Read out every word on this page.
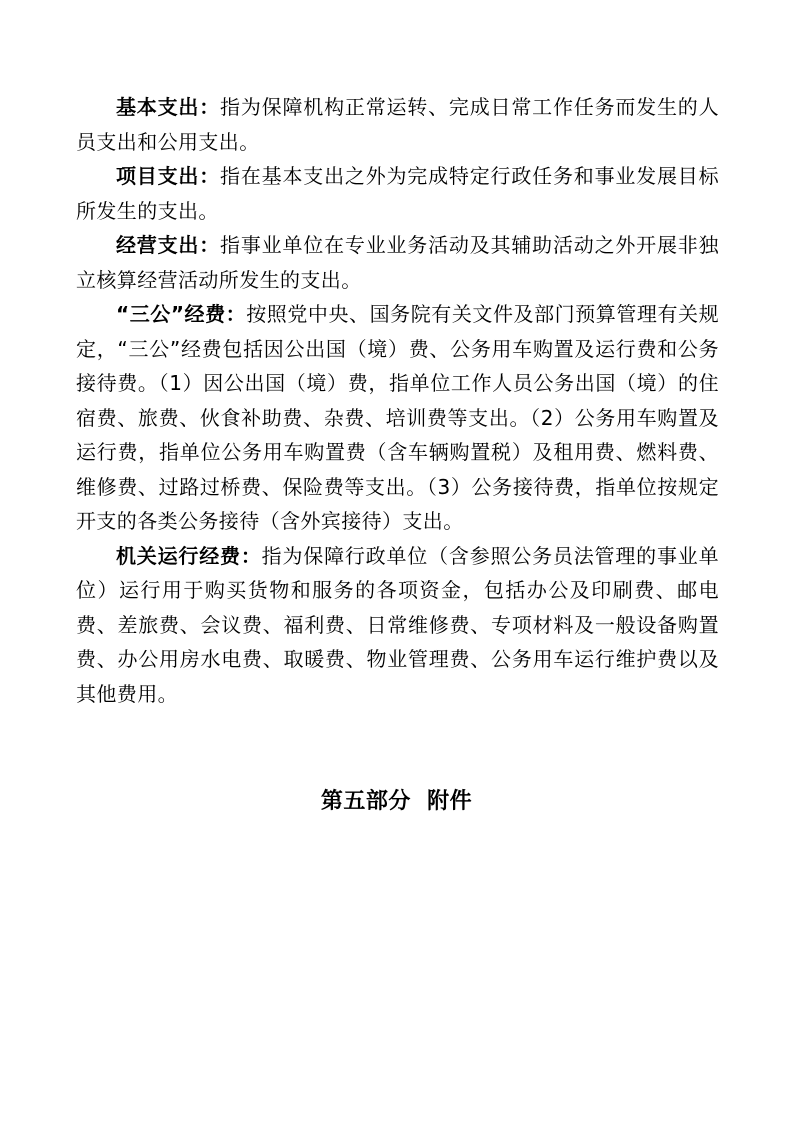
基本支出：指为保障机构正常运转、完成日常工作任务而发生的人员支出和公用支出。

项目支出：指在基本支出之外为完成特定行政任务和事业发展目标所发生的支出。

经营支出：指事业单位在专业业务活动及其辅助活动之外开展非独立核算经营活动所发生的支出。

“三公”经费：按照党中央、国务院有关文件及部门预算管理有关规定，“三公”经费包括因公出国（境）费、公务用车购置及运行费和公务接待费。（1）因公出国（境）费，指单位工作人员公务出国（境）的住宿费、旅费、伙食补助费、杂费、培训费等支出。（2）公务用车购置及运行费，指单位公务用车购置费（含车辆购置税）及租用费、燃料费、维修费、过路过桥费、保险费等支出。（3）公务接待费，指单位按规定开支的各类公务接待（含外宾接待）支出。

机关运行经费：指为保障行政单位（含参照公务员法管理的事业单位）运行用于购买货物和服务的各项资金，包括办公及印刷费、邮电费、差旅费、会议费、福利费、日常维修费、专项材料及一般设备购置费、办公用房水电费、取暖费、物业管理费、公务用车运行维护费以及其他费用。

第五部分  附件
